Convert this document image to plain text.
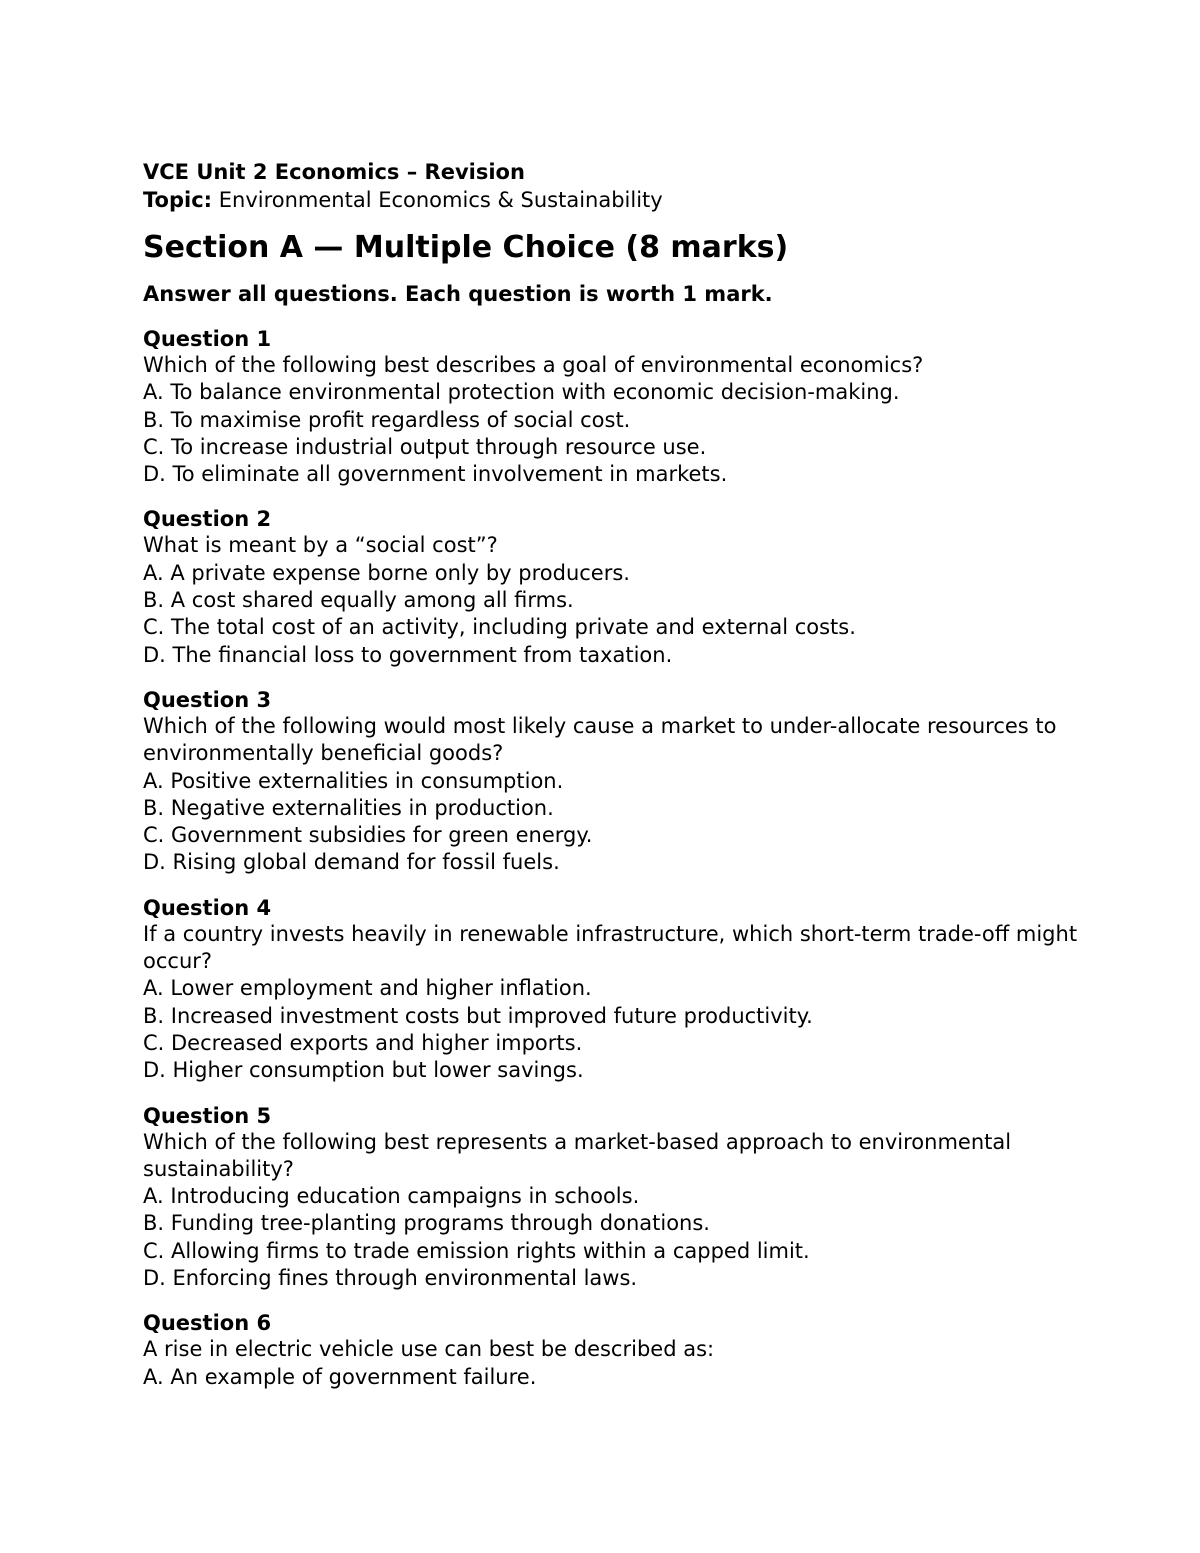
VCE Unit 2 Economics – Revision

Topic: Environmental Economics & Sustainability

Section A — Multiple Choice (8 marks)

Answer all questions. Each question is worth 1 mark.

Question 1

Which of the following best describes a goal of environmental economics?

A. To balance environmental protection with economic decision-making.

B. To maximise profit regardless of social cost.

C. To increase industrial output through resource use.

D. To eliminate all government involvement in markets.

Question 2

What is meant by a “social cost”?

A. A private expense borne only by producers.

B. A cost shared equally among all firms.

C. The total cost of an activity, including private and external costs.

D. The financial loss to government from taxation.

Question 3

Which of the following would most likely cause a market to under-allocate resources to environmentally beneficial goods?

A. Positive externalities in consumption.

B. Negative externalities in production.

C. Government subsidies for green energy.

D. Rising global demand for fossil fuels.

Question 4

If a country invests heavily in renewable infrastructure, which short-term trade-off might occur?

A. Lower employment and higher inflation.

B. Increased investment costs but improved future productivity.

C. Decreased exports and higher imports.

D. Higher consumption but lower savings.

Question 5

Which of the following best represents a market-based approach to environmental sustainability?

A. Introducing education campaigns in schools.

B. Funding tree-planting programs through donations.

C. Allowing firms to trade emission rights within a capped limit.

D. Enforcing fines through environmental laws.

Question 6

A rise in electric vehicle use can best be described as:

A. An example of government failure.
